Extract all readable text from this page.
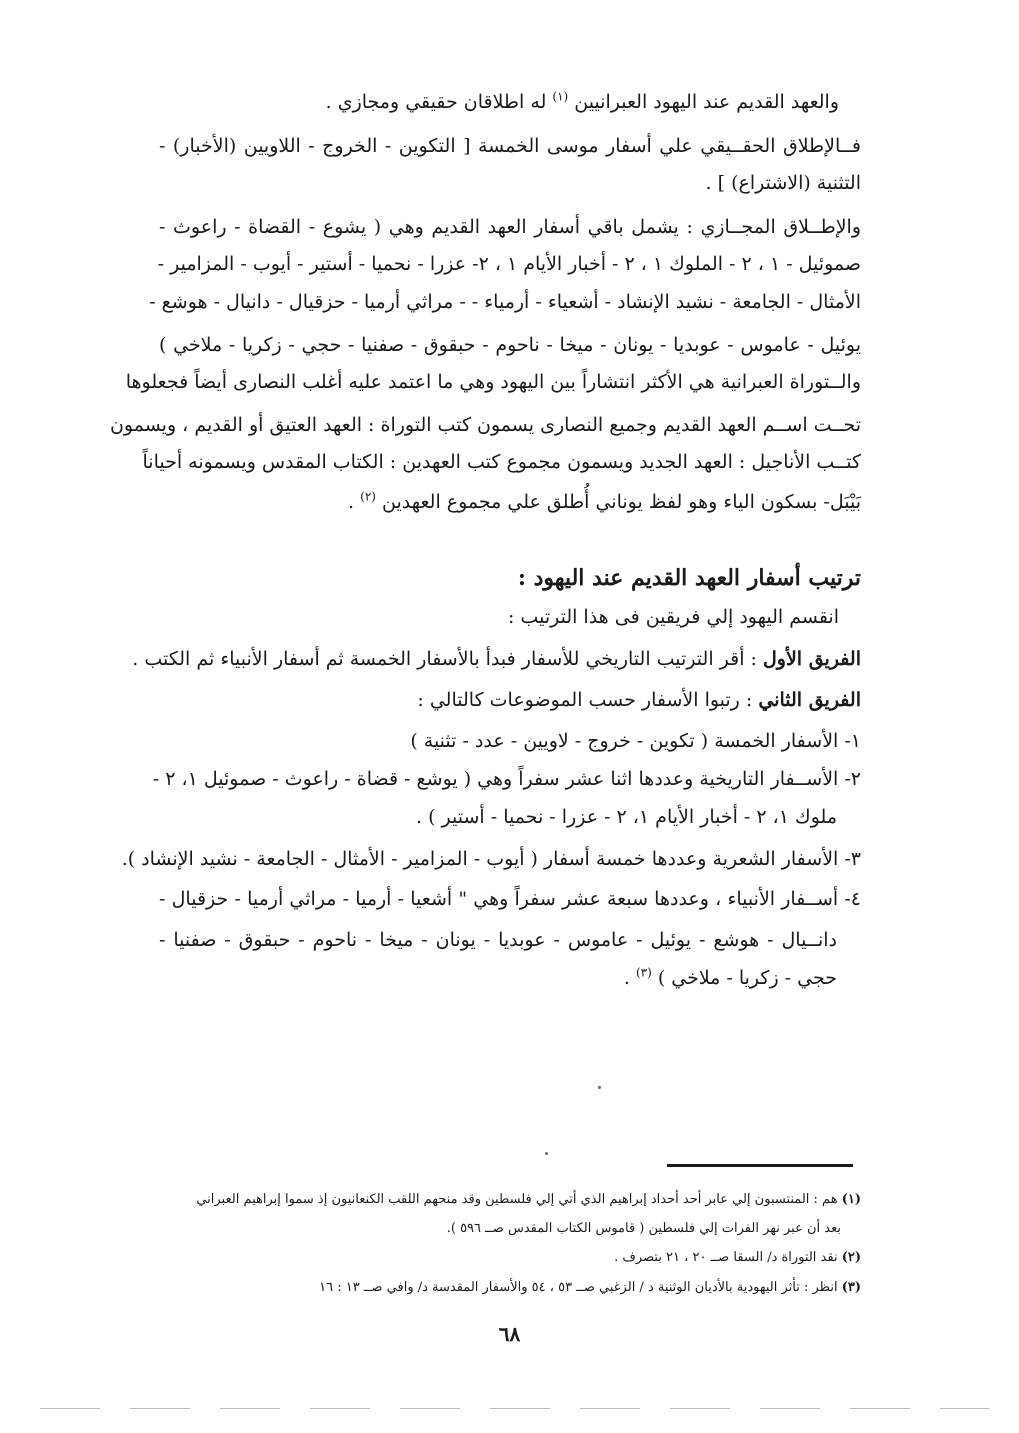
والعهد القديم عند اليهود العبرانيين $^{(١)}$ له اطلاقان حقيقي ومجازي .
فــالإطلاق الحقــيقي علي أسفار موسى الخمسة [ التكوين - الخروج - اللاويين (الأخبار) -
التثنية (الاشتراع) ] .
والإطــلاق المجــازي : يشمل باقي أسفار العهد القديم وهي ( يشوع - القضاة - راعوث -
صموئيل - ١ ، ٢ - الملوك ١ ، ٢ - أخبار الأيام ١ ، ٢- عزرا - نحميا - أستير - أيوب - المزامير -
الأمثال - الجامعة - نشيد الإنشاد - أشعياء - أرمياء - - مراثي أرميا - حزقيال - دانيال - هوشع -
يوئيل - عاموس - عوبديا - يونان - ميخا - ناحوم - حبقوق - صفنيا - حجي - زكريا - ملاخي )
والــتوراة العبرانية هي الأكثر انتشاراً بين اليهود وهي ما اعتمد عليه أغلب النصارى أيضاً فجعلوها
تحــت اســم العهد القديم وجميع النصارى يسمون كتب التوراة : العهد العتيق أو القديم ، ويسمون
كتــب الأناجيل : العهد الجديد ويسمون مجموع كتب العهدين : الكتاب المقدس ويسمونه أحياناً
بَيْبَل- بسكون الياء وهو لفظ يوناني أُطلق علي مجموع العهدين $^{(٢)}$ .
ترتيب أسفار العهد القديم عند اليهود :
انقسم اليهود إلي فريقين فى هذا الترتيب :
الفريق الأول : أقر الترتيب التاريخي للأسفار فبدأ بالأسفار الخمسة ثم أسفار الأنبياء ثم الكتب .
الفريق الثاني : رتبوا الأسفار حسب الموضوعات كالتالي :
١- الأسفار الخمسة ( تكوين - خروج - لاويين - عدد - تثنية )
٢- الأســفار التاريخية وعددها اثنا عشر سفراً وهي ( يوشع - قضاة - راعوث - صموئيل ١، ٢ -
ملوك ١، ٢ - أخبار الأيام ١، ٢ - عزرا - نحميا - أستير ) .
٣- الأسفار الشعرية وعددها خمسة أسفار ( أيوب - المزامير - الأمثال - الجامعة - نشيد الإنشاد ).
٤- أســفار الأنبياء ، وعددها سبعة عشر سفراً وهي " أشعيا - أرميا - مراثي أرميا - حزقيال -
دانــيال - هوشع - يوئيل - عاموس - عوبديا - يونان - ميخا - ناحوم - حبقوق - صفنيا -
حجي - زكريا - ملاخي ) $^{(٣)}$ .
(١) هم : المنتسبون إلي عابر أحد أحداد إبراهيم الذي أتي إلي فلسطين وقد منحهم اللقب الكنعانيون إذ سموا إبراهيم العبراني
بعد أن عبر نهر الفرات إلي فلسطين ( قاموس الكتاب المقدس صــ ٥٩٦ ).
(٢) نقد التوراة د/ السقا صــ ٢٠ ، ٢١ بتصرف .
(٣) انظر : تأثر اليهودية بالأديان الوثنية د / الزغبي صــ ٥٣ ، ٥٤ والأسفار المقدسة د/ وافي صــ ١٣ : ١٦
٦٨
